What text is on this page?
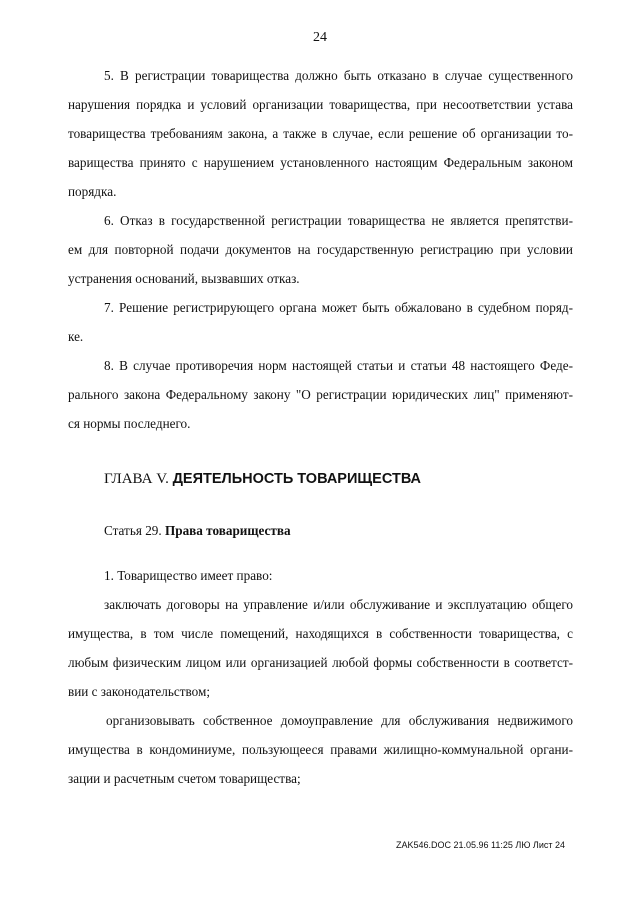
24
5. В регистрации товарищества должно быть отказано в случае существенного
нарушения порядка и условий организации товарищества, при несоответствии устава
товарищества требованиям закона, а также в случае, если решение об организации то-
варищества принято с нарушением установленного настоящим Федеральным законом
порядка.
6. Отказ в государственной регистрации товарищества не является препятстви-
ем для повторной подачи документов на государственную регистрацию при условии
устранения оснований, вызвавших отказ.
7. Решение регистрирующего органа может быть обжаловано в судебном поряд-
ке.
8. В случае противоречия норм настоящей статьи и статьи 48 настоящего Феде-
рального закона Федеральному закону "О регистрации юридических лиц" применяют-
ся нормы последнего.
ГЛАВА V. ДЕЯТЕЛЬНОСТЬ ТОВАРИЩЕСТВА
Статья 29. Права товарищества
1. Товарищество имеет право:
заключать договоры на управление и/или обслуживание и эксплуатацию общего
имущества, в том числе помещений, находящихся в собственности товарищества, с
любым физическим лицом или организацией любой формы собственности в соответст-
вии с законодательством;
организовывать собственное домоуправление для обслуживания недвижимого
имущества в кондоминиуме, пользующееся правами жилищно-коммунальной органи-
зации и расчетным счетом товарищества;
ZAK546.DOC 21.05.96 11:25 ЛЮ Лист 24
